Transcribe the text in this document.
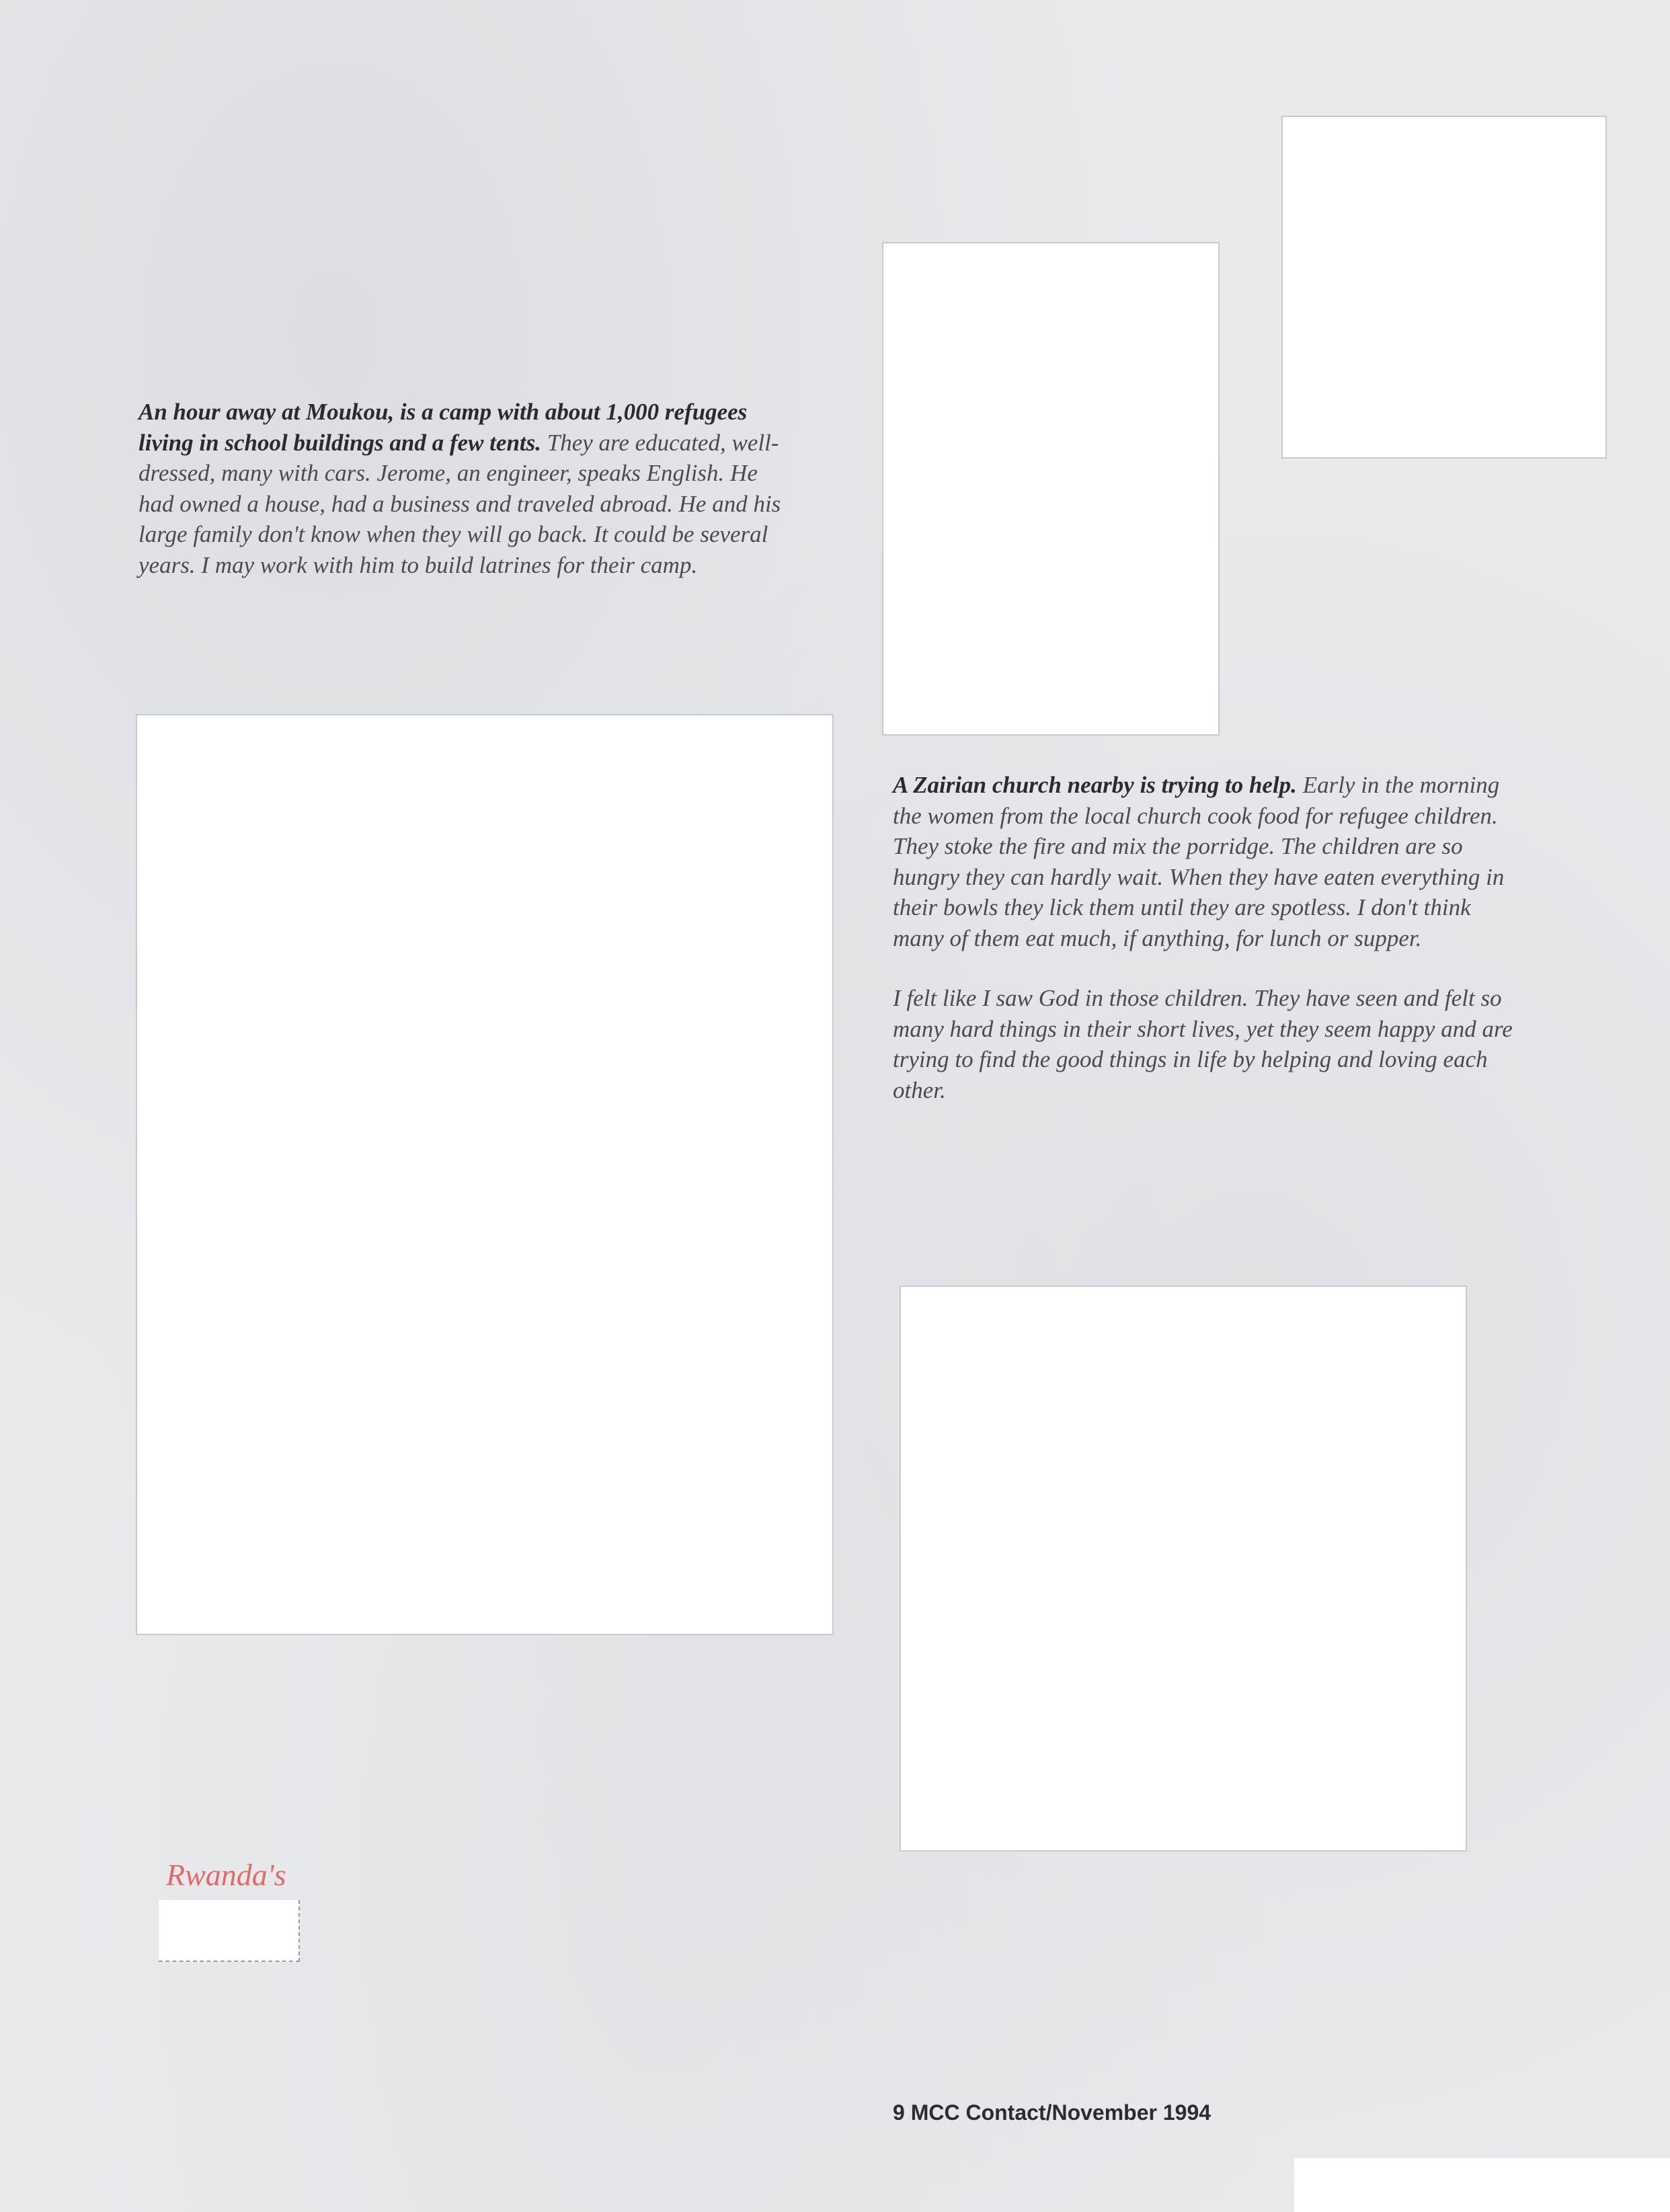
An hour away at Moukou, is a camp with about 1,000 refugees living in school buildings and a few tents. They are educated, well-dressed, many with cars. Jerome, an engineer, speaks English. He had owned a house, had a business and traveled abroad. He and his large family don't know when they will go back. It could be several years. I may work with him to build latrines for their camp.

A Zairian church nearby is trying to help. Early in the morning the women from the local church cook food for refugee children. They stoke the fire and mix the porridge. The children are so hungry they can hardly wait. When they have eaten everything in their bowls they lick them until they are spotless. I don't think many of them eat much, if anything, for lunch or supper.

I felt like I saw God in those children. They have seen and felt so many hard things in their short lives, yet they seem happy and are trying to find the good things in life by helping and loving each other.

Rwanda's
9 MCC Contact/November 1994
